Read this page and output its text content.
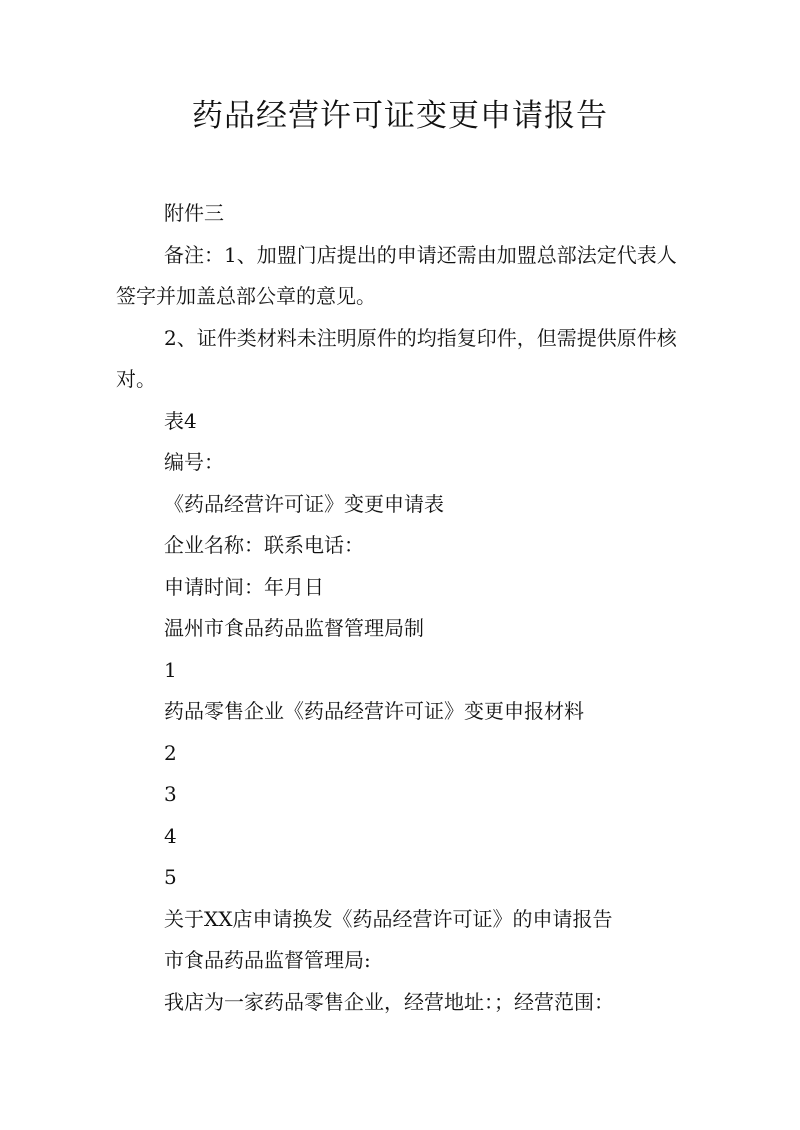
药品经营许可证变更申请报告

附件三

备注：1、加盟门店提出的申请还需由加盟总部法定代表人签字并加盖总部公章的意见。

2、证件类材料未注明原件的均指复印件，但需提供原件核对。

表4

编号：

《药品经营许可证》变更申请表

企业名称：联系电话：

申请时间：年月日

温州市食品药品监督管理局制

1

药品零售企业《药品经营许可证》变更申报材料

2

3

4

5

关于XX店申请换发《药品经营许可证》的申请报告

市食品药品监督管理局:

我店为一家药品零售企业，经营地址：；经营范围：
